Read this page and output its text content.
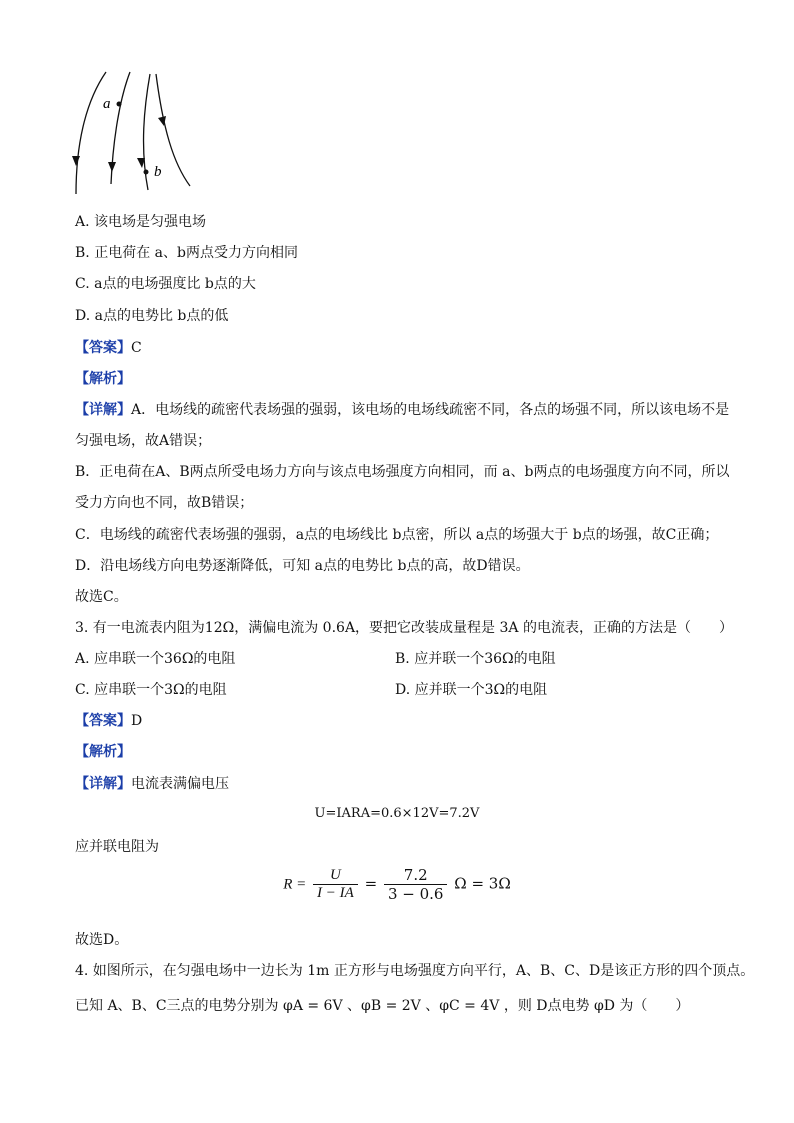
a
b
A. 该电场是匀强电场
B. 正电荷在 a、b两点受力方向相同
C. a点的电场强度比 b点的大
D. a点的电势比 b点的低
【答案】C
【解析】
【详解】A．电场线的疏密代表场强的强弱，该电场的电场线疏密不同，各点的场强不同，所以该电场不是
匀强电场，故A错误；
B．正电荷在A、B两点所受电场力方向与该点电场强度方向相同，而 a、b两点的电场强度方向不同，所以
受力方向也不同，故B错误；
C．电场线的疏密代表场强的强弱，a点的电场线比 b点密，所以 a点的场强大于 b点的场强，故C正确；
D．沿电场线方向电势逐渐降低，可知 a点的电势比 b点的高，故D错误。
故选C。
3. 有一电流表内阻为12Ω，满偏电流为 0.6A，要把它改装成量程是 3A 的电流表，正确的方法是（　　）
A. 应串联一个36Ω的电阻	B. 应并联一个36Ω的电阻
C. 应串联一个3Ω的电阻	D. 应并联一个3Ω的电阻
【答案】D
【解析】
【详解】电流表满偏电压
U=IARA=0.6×12V=7.2V
应并联电阻为
$R = \frac{U}{I - IA} = \frac{7.2}{3 - 0.6}$ Ω = 3Ω
故选D。
4. 如图所示，在匀强电场中一边长为 1m 正方形与电场强度方向平行，A、B、C、D是该正方形的四个顶点。
已知 A、B、C三点的电势分别为 φA = 6V 、φB = 2V 、φC = 4V ，则 D点电势 φD 为（　　）
